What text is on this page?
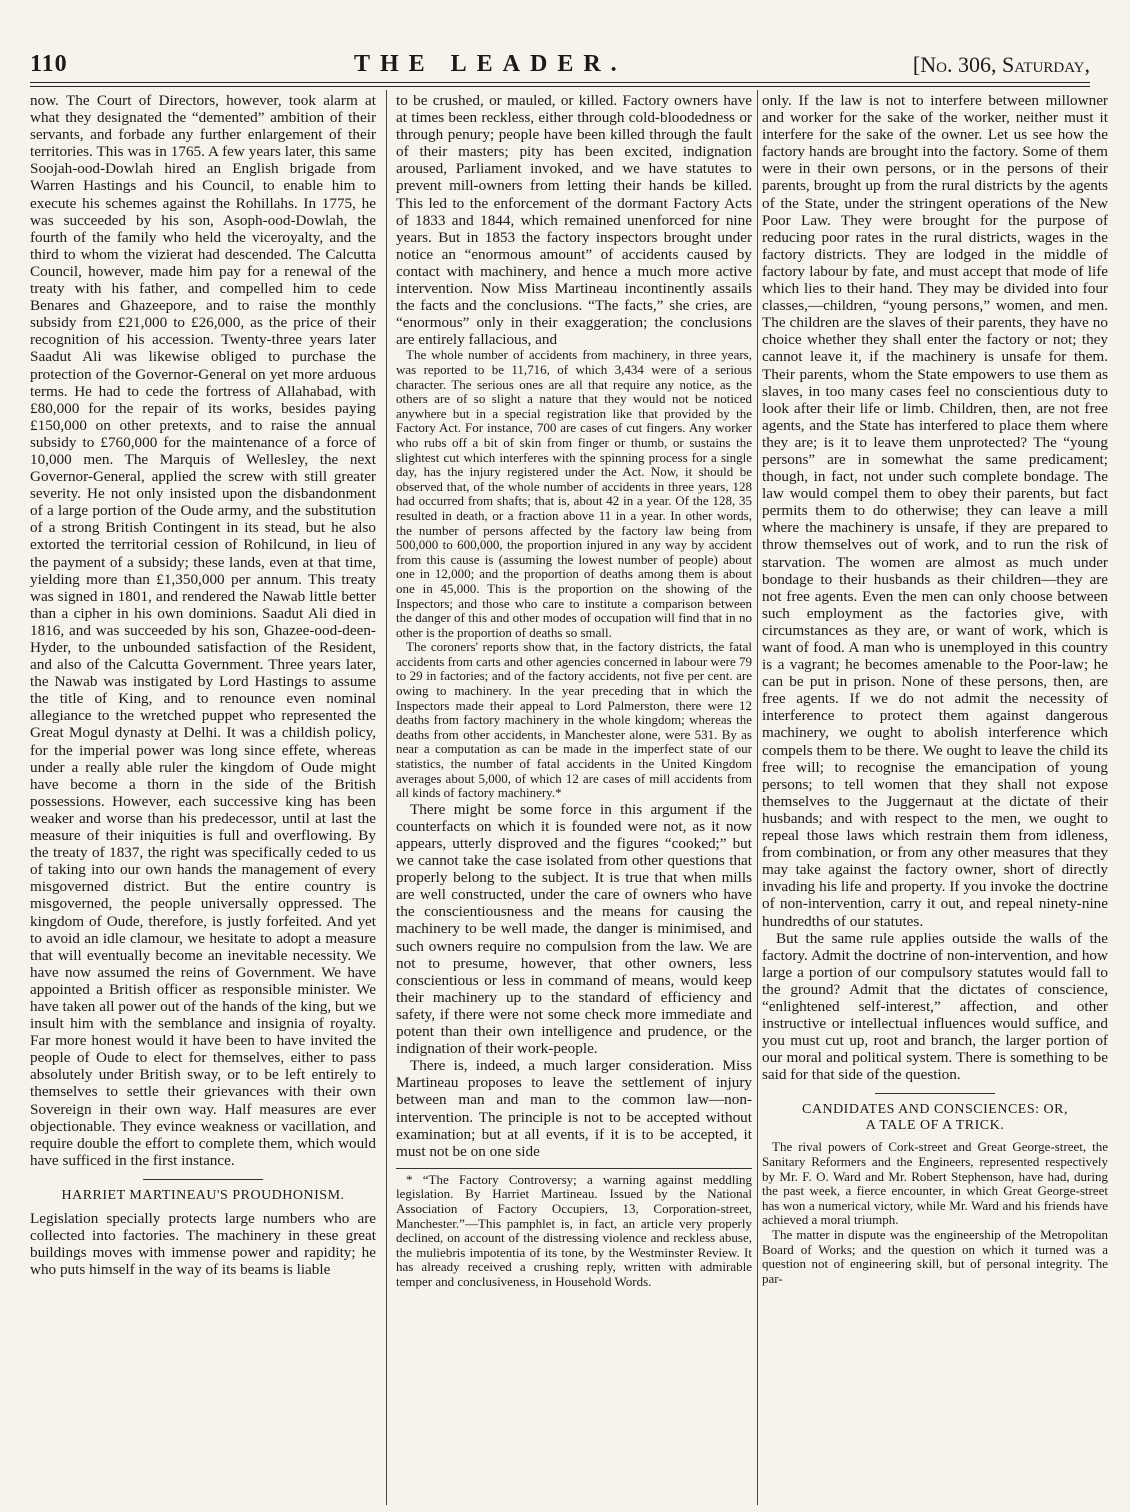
110	THE LEADER.	[No. 306, Saturday,

now. The Court of Directors, however, took alarm at what they designated the “demented” ambition of their servants, and forbade any further enlargement of their territories. This was in 1765. A few years later, this same Soojah-ood-Dowlah hired an English brigade from Warren Hastings and his Council, to enable him to execute his schemes against the Rohillahs. In 1775, he was succeeded by his son, Asoph-ood-Dowlah, the fourth of the family who held the viceroyalty, and the third to whom the vizierat had descended. The Calcutta Council, however, made him pay for a renewal of the treaty with his father, and compelled him to cede Benares and Ghazeepore, and to raise the monthly subsidy from £21,000 to £26,000, as the price of their recognition of his accession. Twenty-three years later Saadut Ali was likewise obliged to purchase the protection of the Governor-General on yet more arduous terms. He had to cede the fortress of Allahabad, with £80,000 for the repair of its works, besides paying £150,000 on other pretexts, and to raise the annual subsidy to £760,000 for the maintenance of a force of 10,000 men. The Marquis of Wellesley, the next Governor-General, applied the screw with still greater severity. He not only insisted upon the disbandonment of a large portion of the Oude army, and the substitution of a strong British Contingent in its stead, but he also extorted the territorial cession of Rohilcund, in lieu of the payment of a subsidy; these lands, even at that time, yielding more than £1,350,000 per annum. This treaty was signed in 1801, and rendered the Nawab little better than a cipher in his own dominions. Saadut Ali died in 1816, and was succeeded by his son, Ghazee-ood-deen-Hyder, to the unbounded satisfaction of the Resident, and also of the Calcutta Government. Three years later, the Nawab was instigated by Lord Hastings to assume the title of King, and to renounce even nominal allegiance to the wretched puppet who represented the Great Mogul dynasty at Delhi. It was a childish policy, for the imperial power was long since effete, whereas under a really able ruler the kingdom of Oude might have become a thorn in the side of the British possessions. However, each successive king has been weaker and worse than his predecessor, until at last the measure of their iniquities is full and overflowing. By the treaty of 1837, the right was specifically ceded to us of taking into our own hands the management of every misgoverned district. But the entire country is misgoverned, the people universally oppressed. The kingdom of Oude, therefore, is justly forfeited. And yet to avoid an idle clamour, we hesitate to adopt a measure that will eventually become an inevitable necessity. We have now assumed the reins of Government. We have appointed a British officer as responsible minister. We have taken all power out of the hands of the king, but we insult him with the semblance and insignia of royalty. Far more honest would it have been to have invited the people of Oude to elect for themselves, either to pass absolutely under British sway, or to be left entirely to themselves to settle their grievances with their own Sovereign in their own way. Half measures are ever objectionable. They evince weakness or vacillation, and require double the effort to complete them, which would have sufficed in the first instance.

HARRIET MARTINEAU'S PROUDHONISM.

Legislation specially protects large numbers who are collected into factories. The machinery in these great buildings moves with immense power and rapidity; he who puts himself in the way of its beams is liable

to be crushed, or mauled, or killed. Factory owners have at times been reckless, either through cold-bloodedness or through penury; people have been killed through the fault of their masters; pity has been excited, indignation aroused, Parliament invoked, and we have statutes to prevent mill-owners from letting their hands be killed. This led to the enforcement of the dormant Factory Acts of 1833 and 1844, which remained unenforced for nine years. But in 1853 the factory inspectors brought under notice an “enormous amount” of accidents caused by contact with machinery, and hence a much more active intervention. Now Miss Martineau incontinently assails the facts and the conclusions. “The facts,” she cries, are “enormous” only in their exaggeration; the conclusions are entirely fallacious, and

The whole number of accidents from machinery, in three years, was reported to be 11,716, of which 3,434 were of a serious character. The serious ones are all that require any notice, as the others are of so slight a nature that they would not be noticed anywhere but in a special registration like that provided by the Factory Act. For instance, 700 are cases of cut fingers. Any worker who rubs off a bit of skin from finger or thumb, or sustains the slightest cut which interferes with the spinning process for a single day, has the injury registered under the Act. Now, it should be observed that, of the whole number of accidents in three years, 128 had occurred from shafts; that is, about 42 in a year. Of the 128, 35 resulted in death, or a fraction above 11 in a year. In other words, the number of persons affected by the factory law being from 500,000 to 600,000, the proportion injured in any way by accident from this cause is (assuming the lowest number of people) about one in 12,000; and the proportion of deaths among them is about one in 45,000. This is the proportion on the showing of the Inspectors; and those who care to institute a comparison between the danger of this and other modes of occupation will find that in no other is the proportion of deaths so small.

The coroners' reports show that, in the factory districts, the fatal accidents from carts and other agencies concerned in labour were 79 to 29 in factories; and of the factory accidents, not five per cent. are owing to machinery. In the year preceding that in which the Inspectors made their appeal to Lord Palmerston, there were 12 deaths from factory machinery in the whole kingdom; whereas the deaths from other accidents, in Manchester alone, were 531. By as near a computation as can be made in the imperfect state of our statistics, the number of fatal accidents in the United Kingdom averages about 5,000, of which 12 are cases of mill accidents from all kinds of factory machinery.*

There might be some force in this argument if the counterfacts on which it is founded were not, as it now appears, utterly disproved and the figures “cooked;” but we cannot take the case isolated from other questions that properly belong to the subject. It is true that when mills are well constructed, under the care of owners who have the conscientiousness and the means for causing the machinery to be well made, the danger is minimised, and such owners require no compulsion from the law. We are not to presume, however, that other owners, less conscientious or less in command of means, would keep their machinery up to the standard of efficiency and safety, if there were not some check more immediate and potent than their own intelligence and prudence, or the indignation of their work-people.

There is, indeed, a much larger consideration. Miss Martineau proposes to leave the settlement of injury between man and man to the common law—non-intervention. The principle is not to be accepted without examination; but at all events, if it is to be accepted, it must not be on one side

* “The Factory Controversy; a warning against meddling legislation. By Harriet Martineau. Issued by the National Association of Factory Occupiers, 13, Corporation-street, Manchester.”—This pamphlet is, in fact, an article very properly declined, on account of the distressing violence and reckless abuse, the muliebris impotentia of its tone, by the Westminster Review. It has already received a crushing reply, written with admirable temper and conclusiveness, in Household Words.

only. If the law is not to interfere between millowner and worker for the sake of the worker, neither must it interfere for the sake of the owner. Let us see how the factory hands are brought into the factory. Some of them were in their own persons, or in the persons of their parents, brought up from the rural districts by the agents of the State, under the stringent operations of the New Poor Law. They were brought for the purpose of reducing poor rates in the rural districts, wages in the factory districts. They are lodged in the middle of factory labour by fate, and must accept that mode of life which lies to their hand. They may be divided into four classes,—children, “young persons,” women, and men. The children are the slaves of their parents, they have no choice whether they shall enter the factory or not; they cannot leave it, if the machinery is unsafe for them. Their parents, whom the State empowers to use them as slaves, in too many cases feel no conscientious duty to look after their life or limb. Children, then, are not free agents, and the State has interfered to place them where they are; is it to leave them unprotected? The “young persons” are in somewhat the same predicament; though, in fact, not under such complete bondage. The law would compel them to obey their parents, but fact permits them to do otherwise; they can leave a mill where the machinery is unsafe, if they are prepared to throw themselves out of work, and to run the risk of starvation. The women are almost as much under bondage to their husbands as their children—they are not free agents. Even the men can only choose between such employment as the factories give, with circumstances as they are, or want of work, which is want of food. A man who is unemployed in this country is a vagrant; he becomes amenable to the Poor-law; he can be put in prison. None of these persons, then, are free agents. If we do not admit the necessity of interference to protect them against dangerous machinery, we ought to abolish interference which compels them to be there. We ought to leave the child its free will; to recognise the emancipation of young persons; to tell women that they shall not expose themselves to the Juggernaut at the dictate of their husbands; and with respect to the men, we ought to repeal those laws which restrain them from idleness, from combination, or from any other measures that they may take against the factory owner, short of directly invading his life and property. If you invoke the doctrine of non-intervention, carry it out, and repeal ninety-nine hundredths of our statutes.

But the same rule applies outside the walls of the factory. Admit the doctrine of non-intervention, and how large a portion of our compulsory statutes would fall to the ground? Admit that the dictates of conscience, “enlightened self-interest,” affection, and other instructive or intellectual influences would suffice, and you must cut up, root and branch, the larger portion of our moral and political system. There is something to be said for that side of the question.

CANDIDATES AND CONSCIENCES: OR,
A TALE OF A TRICK.

The rival powers of Cork-street and Great George-street, the Sanitary Reformers and the Engineers, represented respectively by Mr. F. O. Ward and Mr. Robert Stephenson, have had, during the past week, a fierce encounter, in which Great George-street has won a numerical victory, while Mr. Ward and his friends have achieved a moral triumph.

The matter in dispute was the engineership of the Metropolitan Board of Works; and the question on which it turned was a question not of engineering skill, but of personal integrity. The par-
